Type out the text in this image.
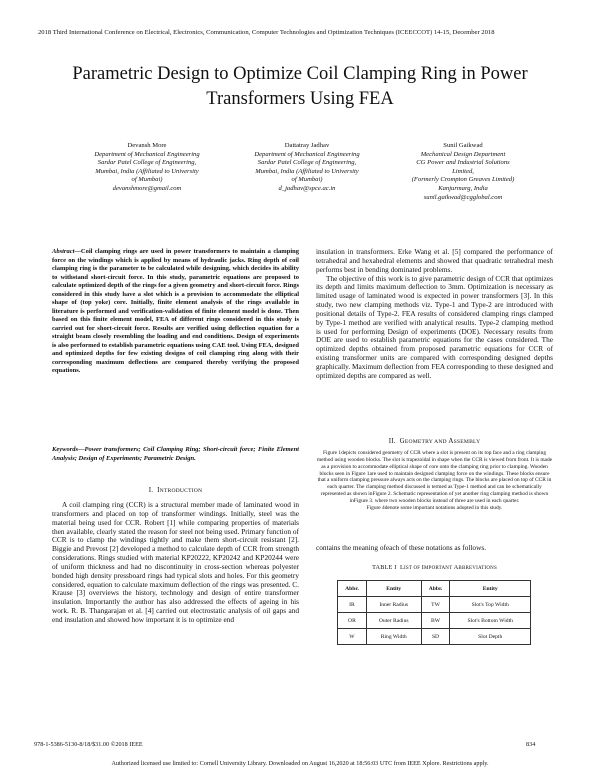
2018 Third International Conference on Electrical, Electronics, Communication, Computer Technologies and Optimization Techniques (ICEECCOT) 14-15, December 2018
Parametric Design to Optimize Coil Clamping Ring in Power Transformers Using FEA
Devansh More
Department of Mechanical Engineering
Sardar Patel College of Engineering,
Mumbai, India (Affiliated to University
of Mumbai)
devanshmore@gmail.com
Dattatray Jadhav
Department of Mechanical Engineering
Sardar Patel College of Engineering,
Mumbai, India (Affiliated to University
of Mumbai)
d_jadhav@spce.ac.in
Sunil Gaikwad
Mechanical Design Department
CG Power and Industrial Solutions
Limited,
(Formerly Crompton Greaves Limited)
Kanjurmarg, India
sunil.gaikwad@cgglobal.com
Abstract—Coil clamping rings are used in power transformers to maintain a clamping force on the windings which is applied by means of hydraulic jacks. Ring depth of coil clamping ring is the parameter to be calculated while designing, which decides its ability to withstand short-circuit force. In this study, parametric equations are proposed to calculate optimized depth of the rings for a given geometry and short-circuit force. Rings considered in this study have a slot which is a provision to accommodate the elliptical shape of (top yoke) core. Initially, finite element analysis of the rings available in literature is performed and verification-validation of finite element model is done. Then based on this finite element model, FEA of different rings considered in this study is carried out for short-circuit force. Results are verified using deflection equation for a straight beam closely resembling the loading and end conditions. Design of experiments is also performed to establish parametric equations using CAE tool. Using FEA, designed and optimized depths for few existing designs of coil clamping ring along with their corresponding maximum deflections are compared thereby verifying the proposed equations.
Keywords—Power transformers; Coil Clamping Ring; Short-circuit force; Finite Element Analysis; Design of Experiments; Parametric Design.
I. INTRODUCTION

A coil clamping ring (CCR) is a structural member made of laminated wood in transformers and placed on top of transformer windings. Initially, steel was the material being used for CCR. Robert [1] while comparing properties of materials then available, clearly stated the reason for steel not being used. Primary function of CCR is to clamp the windings tightly and make them short-circuit resistant [2]. Biggie and Prevost [2] developed a method to calculate depth of CCR from strength considerations. Rings studied with material KP20222, KP20242 and KP20244 were of uniform thickness and had no discontinuity in cross-section whereas polyester bonded high density pressboard rings had typical slots and holes. For this geometry considered, equation to calculate maximum deflection of the rings was presented. C. Krause [3] overviews the history, technology and design of entire transformer insulation. Importantly the author has also addressed the effects of ageing in his work. R. B. Thangarajan et al. [4] carried out electrostatic analysis of oil gaps and end insulation and showed how important it is to optimize end

insulation in transformers. Erke Wang et al. [5] compared the performance of tetrahedral and hexahedral elements and showed that quadratic tetrahedral mesh performs best in bending dominated problems.

The objective of this work is to give parametric design of CCR that optimizes its depth and limits maximum deflection to 3mm. Optimization is necessary as limited usage of laminated wood is expected in power transformers [3]. In this study, two new clamping methods viz. Type-1 and Type-2 are introduced with positional details of Type-2. FEA results of considered clamping rings clamped by Type-1 method are verified with analytical results. Type-2 clamping method is used for performing Design of experiments (DOE). Necessary results from DOE are used to establish parametric equations for the cases considered. The optimized depths obtained from proposed parametric equations for CCR of existing transformer units are compared with corresponding designed depths graphically. Maximum deflection from FEA corresponding to these designed and optimized depths are compared as well.

II. GEOMETRY AND ASSEMBLY

Figure 1depicts considered geometry of CCR where a slot is present on its top face and a ring clamping method using wooden blocks. The slot is trapezoidal in shape when the CCR is viewed from front. It is made as a provision to accommodate elliptical shape of core onto the clamping ring prior to clamping. Wooden blocks seen in Figure 1are used to maintain designed clamping force on the windings. These blocks ensure that a uniform clamping pressure always acts on the clamping rings. The blocks are placed on top of CCR in each quarter. The clamping method discussed is termed as Type-1 method and can be schematically represented as shown inFigure 2. Schematic representation of yet another ring clamping method is shown inFigure 3. where two wooden blocks instead of three are used in each quarter.

Figure 4denote some important notations adopted in this study.

contains the meaning ofeach of these notations as follows.

TABLE I LIST OF IMPORTANT ABBREVIATIONS
Abbr.	Entity	Abbr.	Entity
IR	Inner Radius	TW	Slot's Top Width
OR	Outer Radius	BW	Slot's Bottom Width
W	Ring Width	SD	Slot Depth
978-1-5386-5130-8/18/$31.00 ©2018 IEEE	834
Authorized licensed use limited to: Cornell University Library. Downloaded on August 16,2020 at 18:56:03 UTC from IEEE Xplore. Restrictions apply.
